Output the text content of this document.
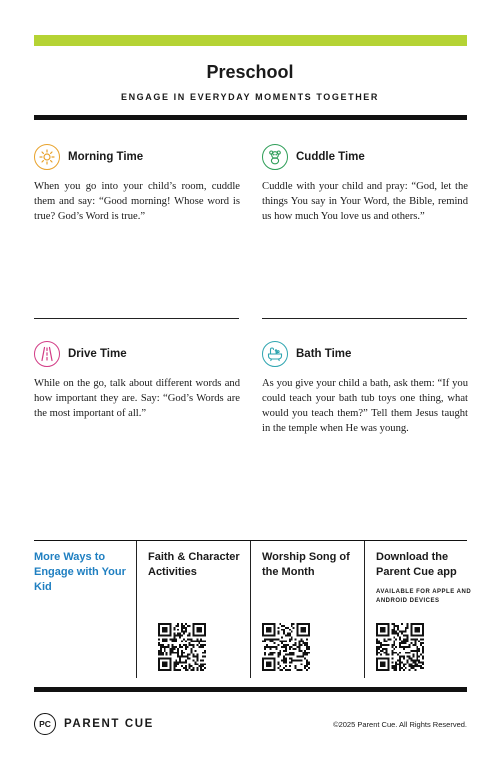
Preschool
ENGAGE IN EVERYDAY MOMENTS TOGETHER
Morning Time

When you go into your child’s room, cuddle them and say: “Good morning! Whose word is true? God’s Word is true.”

Cuddle Time

Cuddle with your child and pray: “God, let the things You say in Your Word, the Bible, remind us how much You love us and others.”

Drive Time

While on the go, talk about different words and how important they are. Say: “God’s Words are the most important of all.”

Bath Time

As you give your child a bath, ask them: “If you could teach your bath tub toys one thing, what would you teach them?” Tell them Jesus taught in the temple when He was young.

More Ways to Engage with Your Kid
Faith & Character Activities
Worship Song of the Month
Download the Parent Cue app
AVAILABLE FOR APPLE AND ANDROID DEVICES
PC	PARENT CUE	©2025 Parent Cue. All Rights Reserved.
